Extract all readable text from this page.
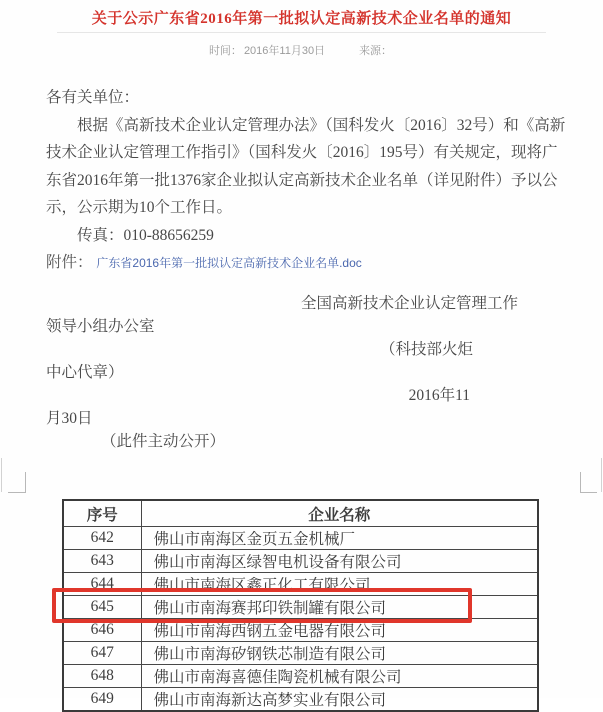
关于公示广东省2016年第一批拟认定高新技术企业名单的通知
时间： 2016年11月30日	来源：
各有关单位：
根据《高新技术企业认定管理办法》（国科发火〔2016〕32号）和《高新
技术企业认定管理工作指引》（国科发火〔2016〕195号）有关规定，现将广
东省2016年第一批1376家企业拟认定高新技术企业名单（详见附件）予以公
示，公示期为10个工作日。
传真：010-88656259
附件： 广东省2016年第一批拟认定高新技术企业名单.doc
全国高新技术企业认定管理工作
领导小组办公室
（科技部火炬
中心代章）
2016年11
月30日
（此件主动公开）
序号	企业名称
642	佛山市南海区金页五金机械厂
643	佛山市南海区绿智电机设备有限公司
644	佛山市南海区鑫正化工有限公司
645	佛山市南海赛邦印铁制罐有限公司
646	佛山市南海西钢五金电器有限公司
647	佛山市南海矽钢铁芯制造有限公司
648	佛山市南海喜德佳陶瓷机械有限公司
649	佛山市南海新达高梦实业有限公司
